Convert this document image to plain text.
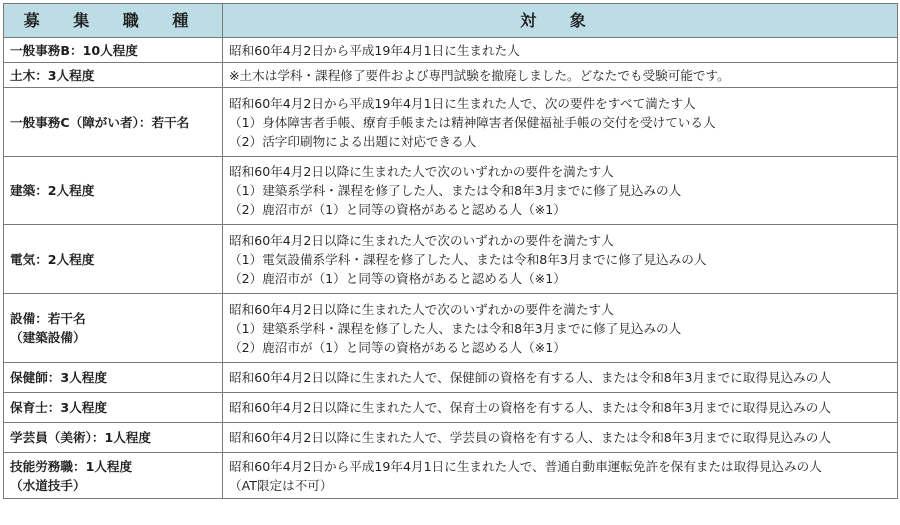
募 集 職 種	対 象

一般事務B：10人程度	昭和60年4月2日から平成19年4月1日に生まれた人

土木：3人程度	※土木は学科・課程修了要件および専門試験を撤廃しました。どなたでも受験可能です。

一般事務C（障がい者）：若干名	昭和60年4月2日から平成19年4月1日に生まれた人で、次の要件をすべて満たす人
（1）身体障害者手帳、療育手帳または精神障害者保健福祉手帳の交付を受けている人
（2）活字印刷物による出題に対応できる人

建築：2人程度	昭和60年4月2日以降に生まれた人で次のいずれかの要件を満たす人
（1）建築系学科・課程を修了した人、または令和8年3月までに修了見込みの人
（2）鹿沼市が（1）と同等の資格があると認める人（※1）

電気：2人程度	昭和60年4月2日以降に生まれた人で次のいずれかの要件を満たす人
（1）電気設備系学科・課程を修了した人、または令和8年3月までに修了見込みの人
（2）鹿沼市が（1）と同等の資格があると認める人（※1）

設備：若干名
（建築設備）	昭和60年4月2日以降に生まれた人で次のいずれかの要件を満たす人
（1）建築系学科・課程を修了した人、または令和8年3月までに修了見込みの人
（2）鹿沼市が（1）と同等の資格があると認める人（※1）

保健師：3人程度	昭和60年4月2日以降に生まれた人で、保健師の資格を有する人、または令和8年3月までに取得見込みの人

保育士：3人程度	昭和60年4月2日以降に生まれた人で、保育士の資格を有する人、または令和8年3月までに取得見込みの人

学芸員（美術）：1人程度	昭和60年4月2日以降に生まれた人で、学芸員の資格を有する人、または令和8年3月までに取得見込みの人

技能労務職：1人程度
（水道技手）	昭和60年4月2日から平成19年4月1日に生まれた人で、普通自動車運転免許を保有または取得見込みの人
（AT限定は不可）
